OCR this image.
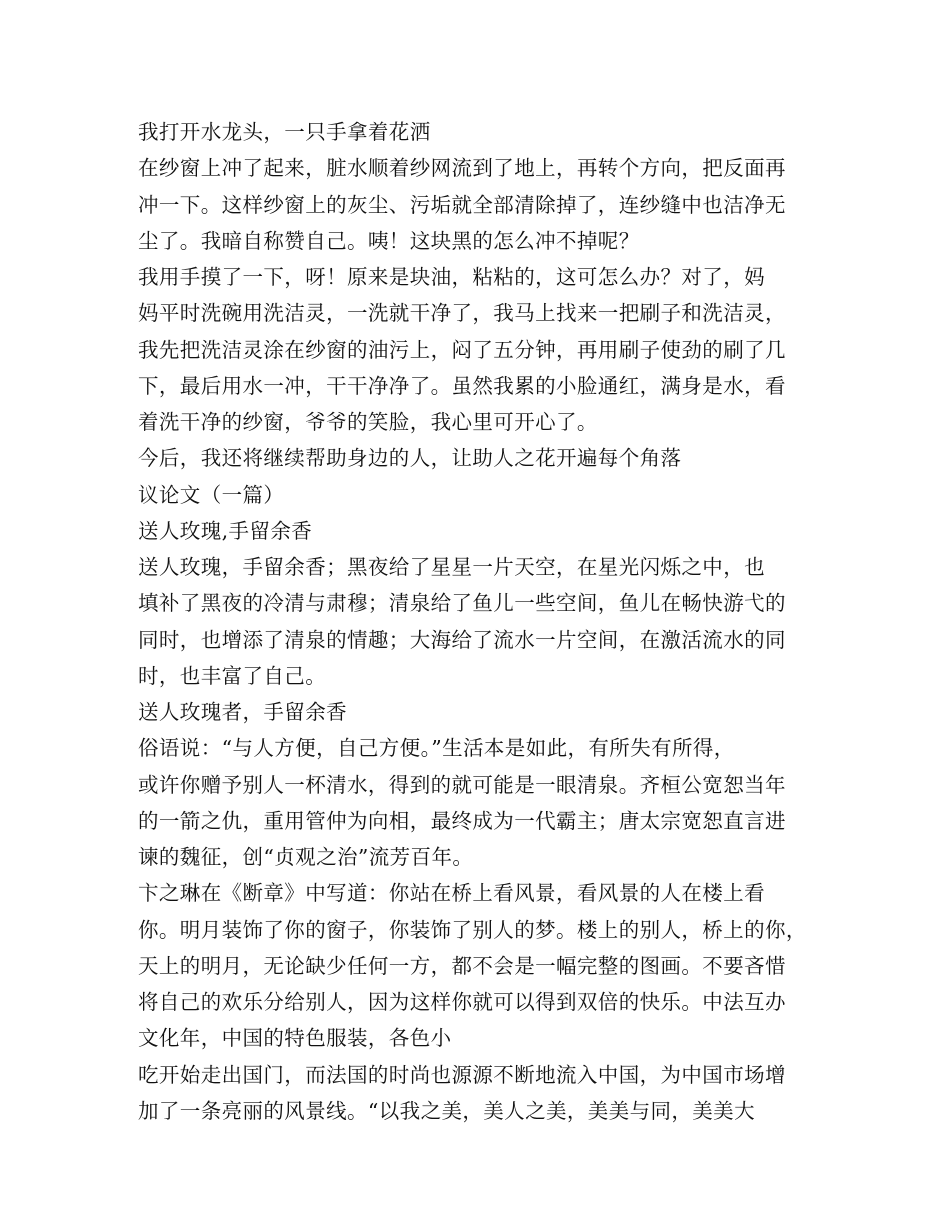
我打开水龙头，一只手拿着花洒
在纱窗上冲了起来，脏水顺着纱网流到了地上，再转个方向，把反面再
冲一下。这样纱窗上的灰尘、污垢就全部清除掉了，连纱缝中也洁净无
尘了。我暗自称赞自己。咦！这块黑的怎么冲不掉呢？
我用手摸了一下，呀！原来是块油，粘粘的，这可怎么办？对了，妈
妈平时洗碗用洗洁灵，一洗就干净了，我马上找来一把刷子和洗洁灵，
我先把洗洁灵涂在纱窗的油污上，闷了五分钟，再用刷子使劲的刷了几
下，最后用水一冲，干干净净了。虽然我累的小脸通红，满身是水，看
着洗干净的纱窗，爷爷的笑脸，我心里可开心了。
今后，我还将继续帮助身边的人，让助人之花开遍每个角落
议论文（一篇）
送人玫瑰,手留余香
送人玫瑰，手留余香；黑夜给了星星一片天空，在星光闪烁之中，也
填补了黑夜的冷清与肃穆；清泉给了鱼儿一些空间，鱼儿在畅快游弋的
同时，也增添了清泉的情趣；大海给了流水一片空间，在激活流水的同
时，也丰富了自己。
送人玫瑰者，手留余香
俗语说：“与人方便，自己方便。”生活本是如此，有所失有所得，
或许你赠予别人一杯清水，得到的就可能是一眼清泉。齐桓公宽恕当年
的一箭之仇，重用管仲为向相，最终成为一代霸主；唐太宗宽恕直言进
谏的魏征，创“贞观之治”流芳百年。
卞之琳在《断章》中写道：你站在桥上看风景，看风景的人在楼上看
你。明月装饰了你的窗子，你装饰了别人的梦。楼上的别人，桥上的你，
天上的明月，无论缺少任何一方，都不会是一幅完整的图画。不要吝惜
将自己的欢乐分给别人，因为这样你就可以得到双倍的快乐。中法互办
文化年，中国的特色服装，各色小
吃开始走出国门，而法国的时尚也源源不断地流入中国，为中国市场增
加了一条亮丽的风景线。“以我之美，美人之美，美美与同，美美大
